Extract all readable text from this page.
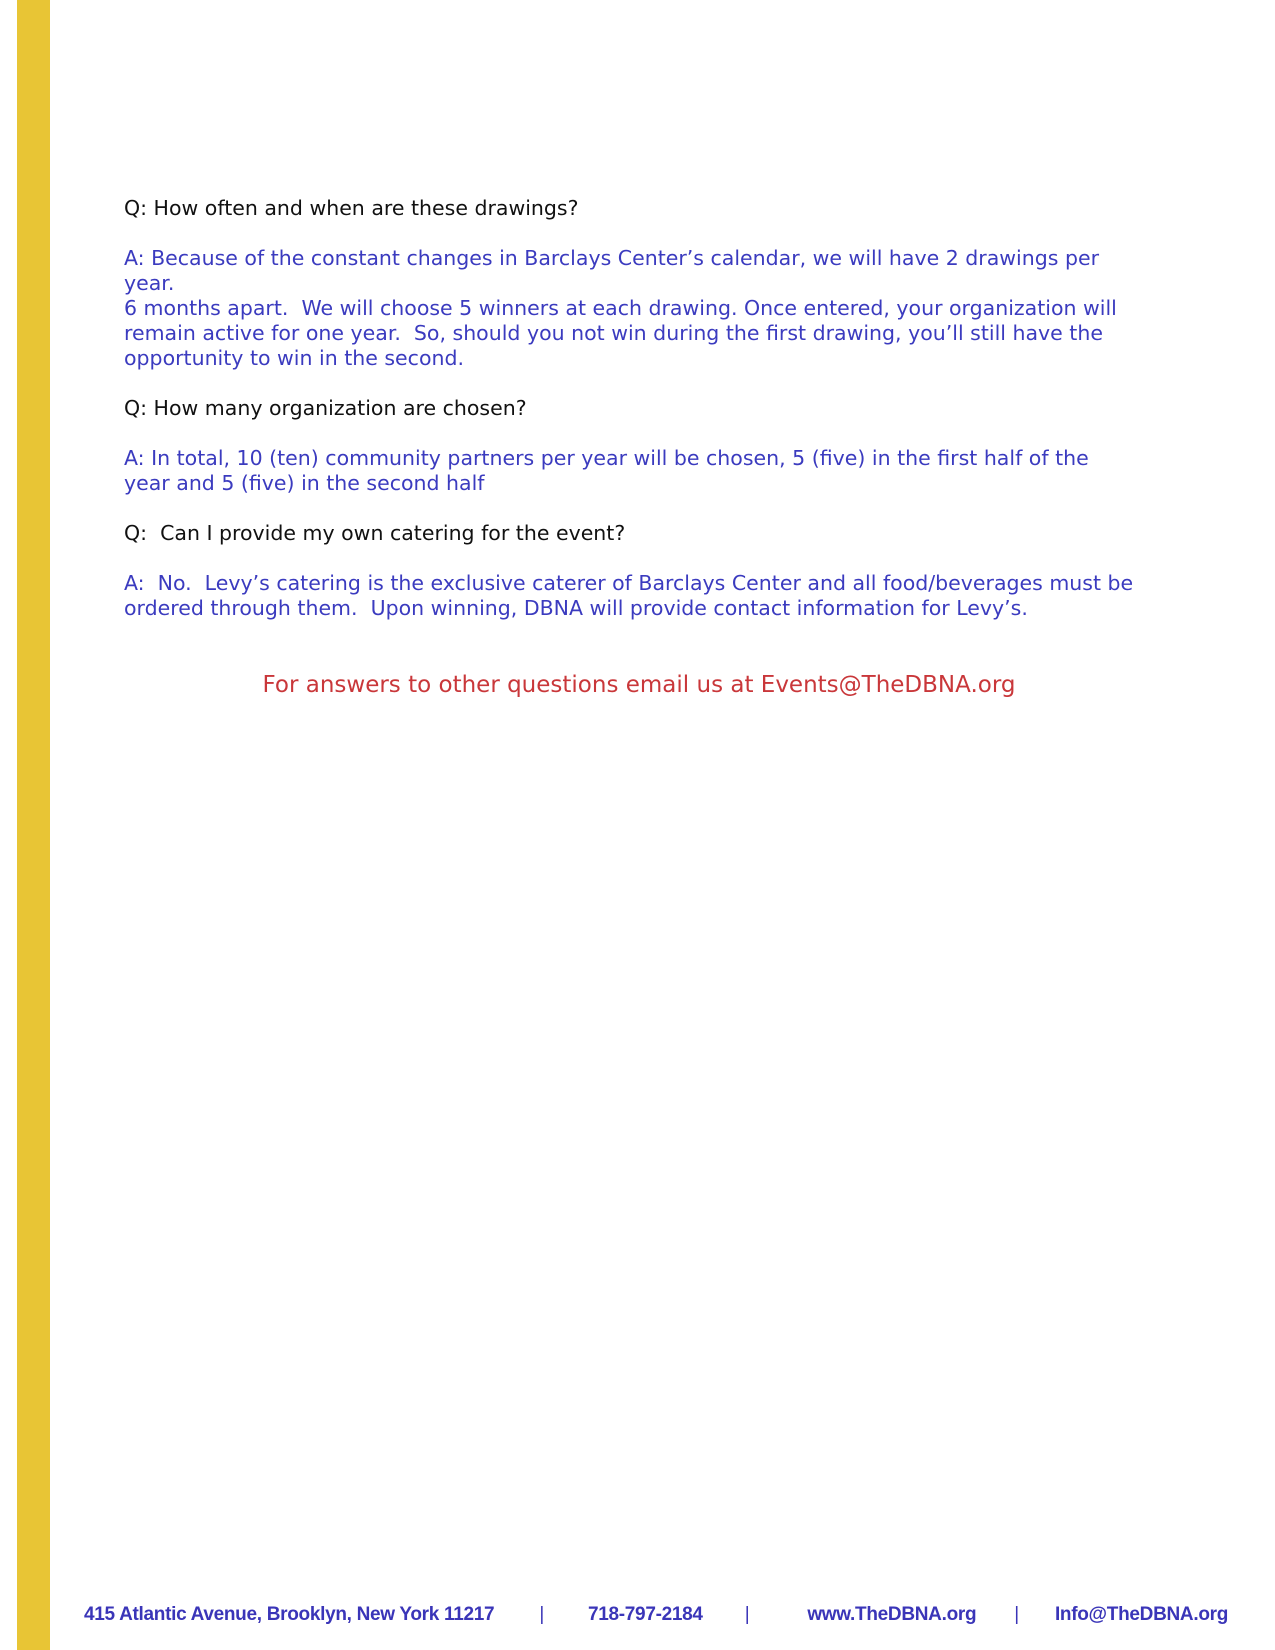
Q: How often and when are these drawings?

A: Because of the constant changes in Barclays Center’s calendar, we will have 2 drawings per year.
6 months apart.  We will choose 5 winners at each drawing. Once entered, your organization will
remain active for one year.  So, should you not win during the first drawing, you’ll still have the
opportunity to win in the second.

Q: How many organization are chosen?

A: In total, 10 (ten) community partners per year will be chosen, 5 (five) in the first half of the
year and 5 (five) in the second half

Q:  Can I provide my own catering for the event?

A:  No.  Levy’s catering is the exclusive caterer of Barclays Center and all food/beverages must be
ordered through them.  Upon winning, DBNA will provide contact information for Levy’s.

For answers to other questions email us at Events@TheDBNA.org
415 Atlantic Avenue, Brooklyn, New York 11217 | 718-797-2184 |	www.TheDBNA.org | Info@TheDBNA.org
